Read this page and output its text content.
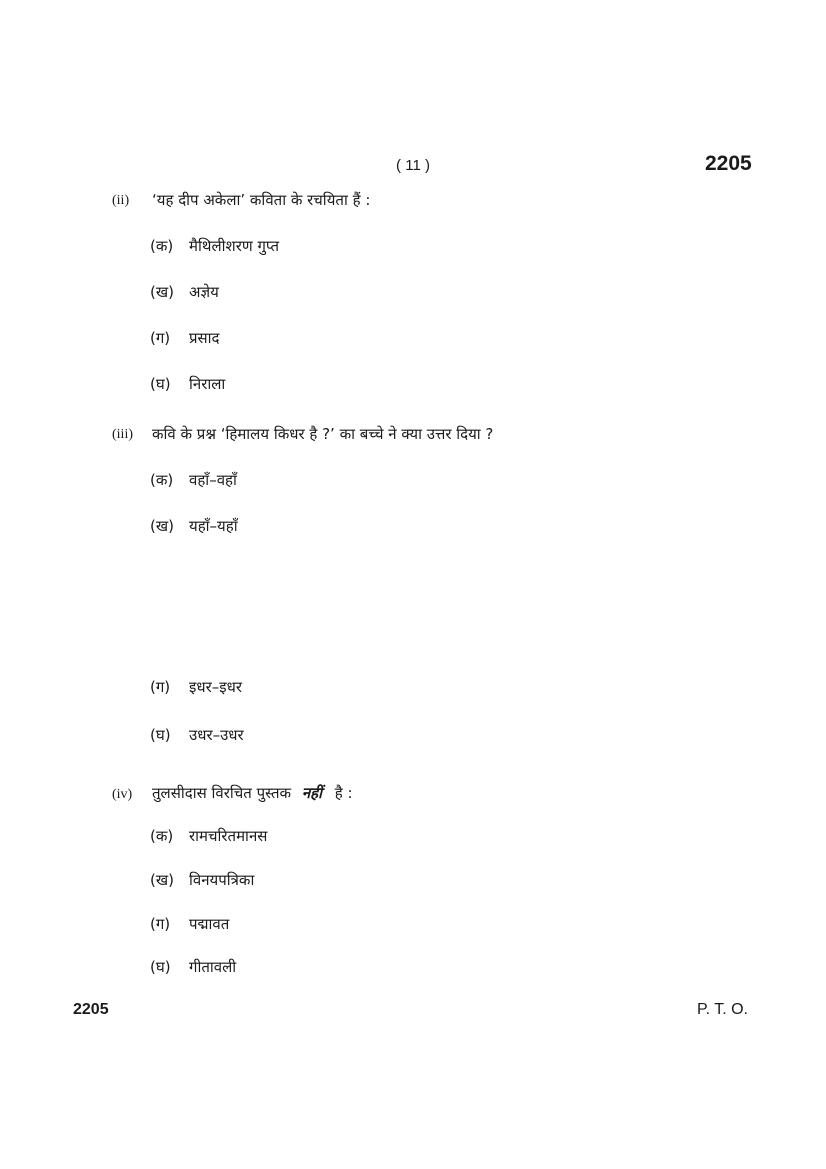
( 11 )	2205
(ii) ‘यह दीप अकेला’ कविता के रचयिता हैं :
(क) मैथिलीशरण गुप्त
(ख) अज्ञेय
(ग) प्रसाद
(घ) निराला
(iii) कवि के प्रश्न ‘हिमालय किधर है ?’ का बच्चे ने क्या उत्तर दिया ?
(क) वहाँ–वहाँ
(ख) यहाँ–यहाँ
(ग) इधर–इधर
(घ) उधर–उधर
(iv) तुलसीदास विरचित पुस्तक नहीं है :
(क) रामचरितमानस
(ख) विनयपत्रिका
(ग) पद्मावत
(घ) गीतावली
2205	P. T. O.
